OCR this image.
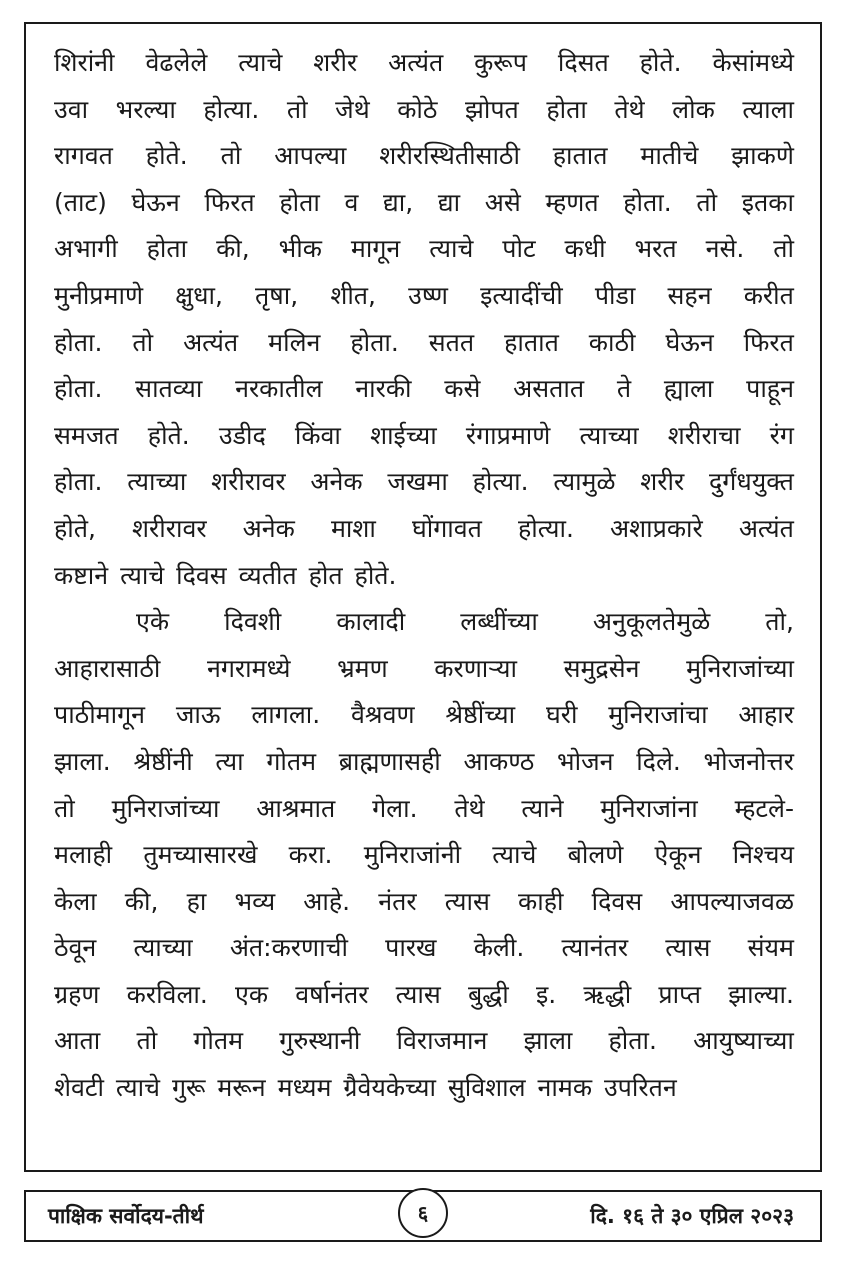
शिरांनी वेढलेले त्याचे शरीर अत्यंत कुरूप दिसत होते. केसांमध्ये
उवा भरल्या होत्या. तो जेथे कोठे झोपत होता तेथे लोक त्याला
रागवत होते. तो आपल्या शरीरस्थितीसाठी हातात मातीचे झाकणे
(ताट) घेऊन फिरत होता व द्या, द्या असे म्हणत होता. तो इतका
अभागी होता की, भीक मागून त्याचे पोट कधी भरत नसे. तो
मुनीप्रमाणे क्षुधा, तृषा, शीत, उष्ण इत्यादींची पीडा सहन करीत
होता. तो अत्यंत मलिन होता. सतत हातात काठी घेऊन फिरत
होता. सातव्या नरकातील नारकी कसे असतात ते ह्याला पाहून
समजत होते. उडीद किंवा शाईच्या रंगाप्रमाणे त्याच्या शरीराचा रंग
होता. त्याच्या शरीरावर अनेक जखमा होत्या. त्यामुळे शरीर दुर्गंधयुक्त
होते, शरीरावर अनेक माशा घोंगावत होत्या. अशाप्रकारे अत्यंत
कष्टाने त्याचे दिवस व्यतीत होत होते.
एके दिवशी कालादी लब्धींच्या अनुकूलतेमुळे तो,
आहारासाठी नगरामध्ये भ्रमण करणाऱ्या समुद्रसेन मुनिराजांच्या
पाठीमागून जाऊ लागला. वैश्रवण श्रेष्ठींच्या घरी मुनिराजांचा आहार
झाला. श्रेष्ठींनी त्या गोतम ब्राह्मणासही आकण्ठ भोजन दिले. भोजनोत्तर
तो मुनिराजांच्या आश्रमात गेला. तेथे त्याने मुनिराजांना म्हटले-
मलाही तुमच्यासारखे करा. मुनिराजांनी त्याचे बोलणे ऐकून निश्चय
केला की, हा भव्य आहे. नंतर त्यास काही दिवस आपल्याजवळ
ठेवून त्याच्या अंत:करणाची पारख केली. त्यानंतर त्यास संयम
ग्रहण करविला. एक वर्षानंतर त्यास बुद्धी इ. ऋद्धी प्राप्त झाल्या.
आता तो गोतम गुरुस्थानी विराजमान झाला होता. आयुष्याच्या
शेवटी त्याचे गुरू मरून मध्यम ग्रैवेयकेच्या सुविशाल नामक उपरितन
पाक्षिक सर्वोदय-तीर्थ	६	दि. १६ ते ३० एप्रिल २०२३
